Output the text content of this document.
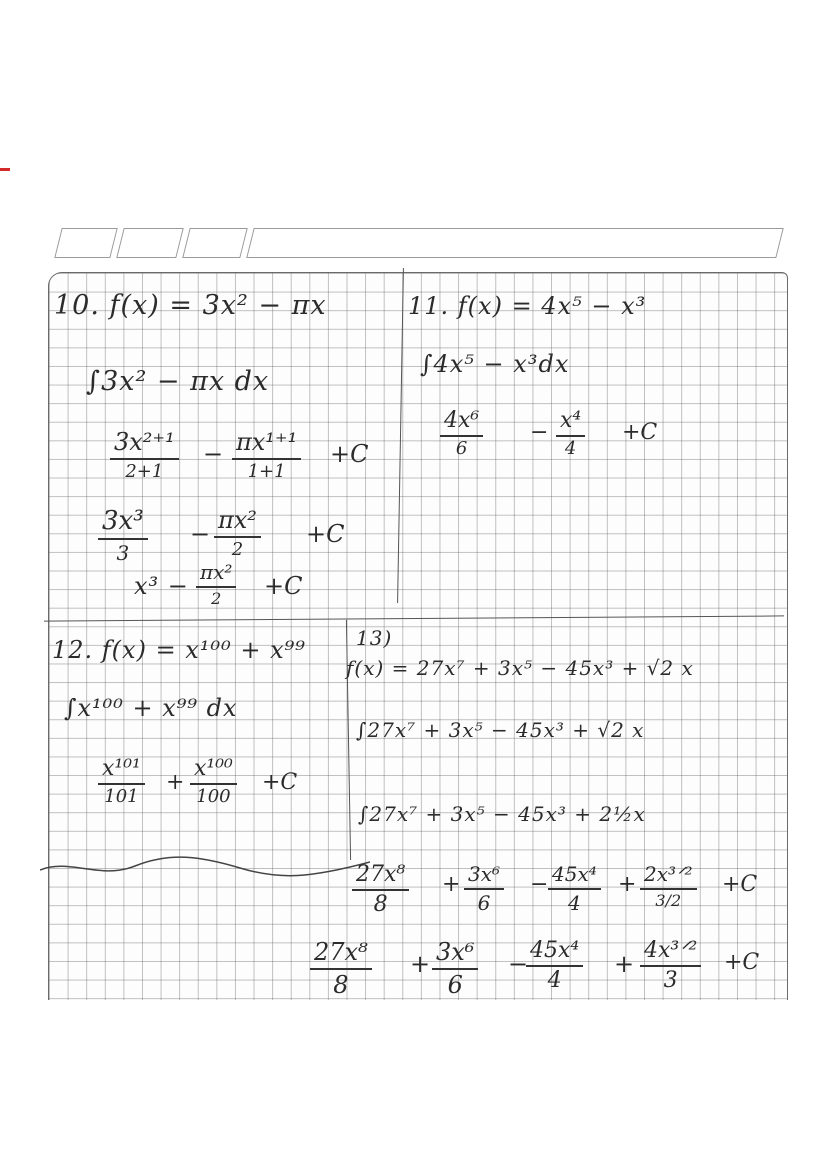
10. f(x) = 3x² − πx
∫3x² − πx dx
3x²⁺¹
2+1
− πx¹⁺¹
1+1
+C
3x³
3
− πx²
2
+C
x³ − πx²
2 +C
11. f(x) = 4x⁵ − x³
∫4x⁵ − x³dx
4x⁶
6
− x⁴
4
+C
12. f(x) = x¹⁰⁰ + x⁹⁹
∫x¹⁰⁰ + x⁹⁹ dx
x¹⁰¹
101
+
x¹⁰⁰
100
+C
13)
f(x) = 27x⁷ + 3x⁵ − 45x³ + √2 x
∫27x⁷ + 3x⁵ − 45x³ + √2 x
∫27x⁷ + 3x⁵ − 45x³ + 2½x
$\frac{\text{27x⁸}}{8} + \frac{\text{3x⁶}}{6} - \frac{\text{45x⁴}}{4}$ + 2x³ᐟ²
3/2
+C
$\frac{\text{27x⁸}}{8} + \frac{\text{3x⁶}}{6}$ −
$\frac{\text{45x⁴}}{4}$ + 4x³ᐟ²
3
+C
